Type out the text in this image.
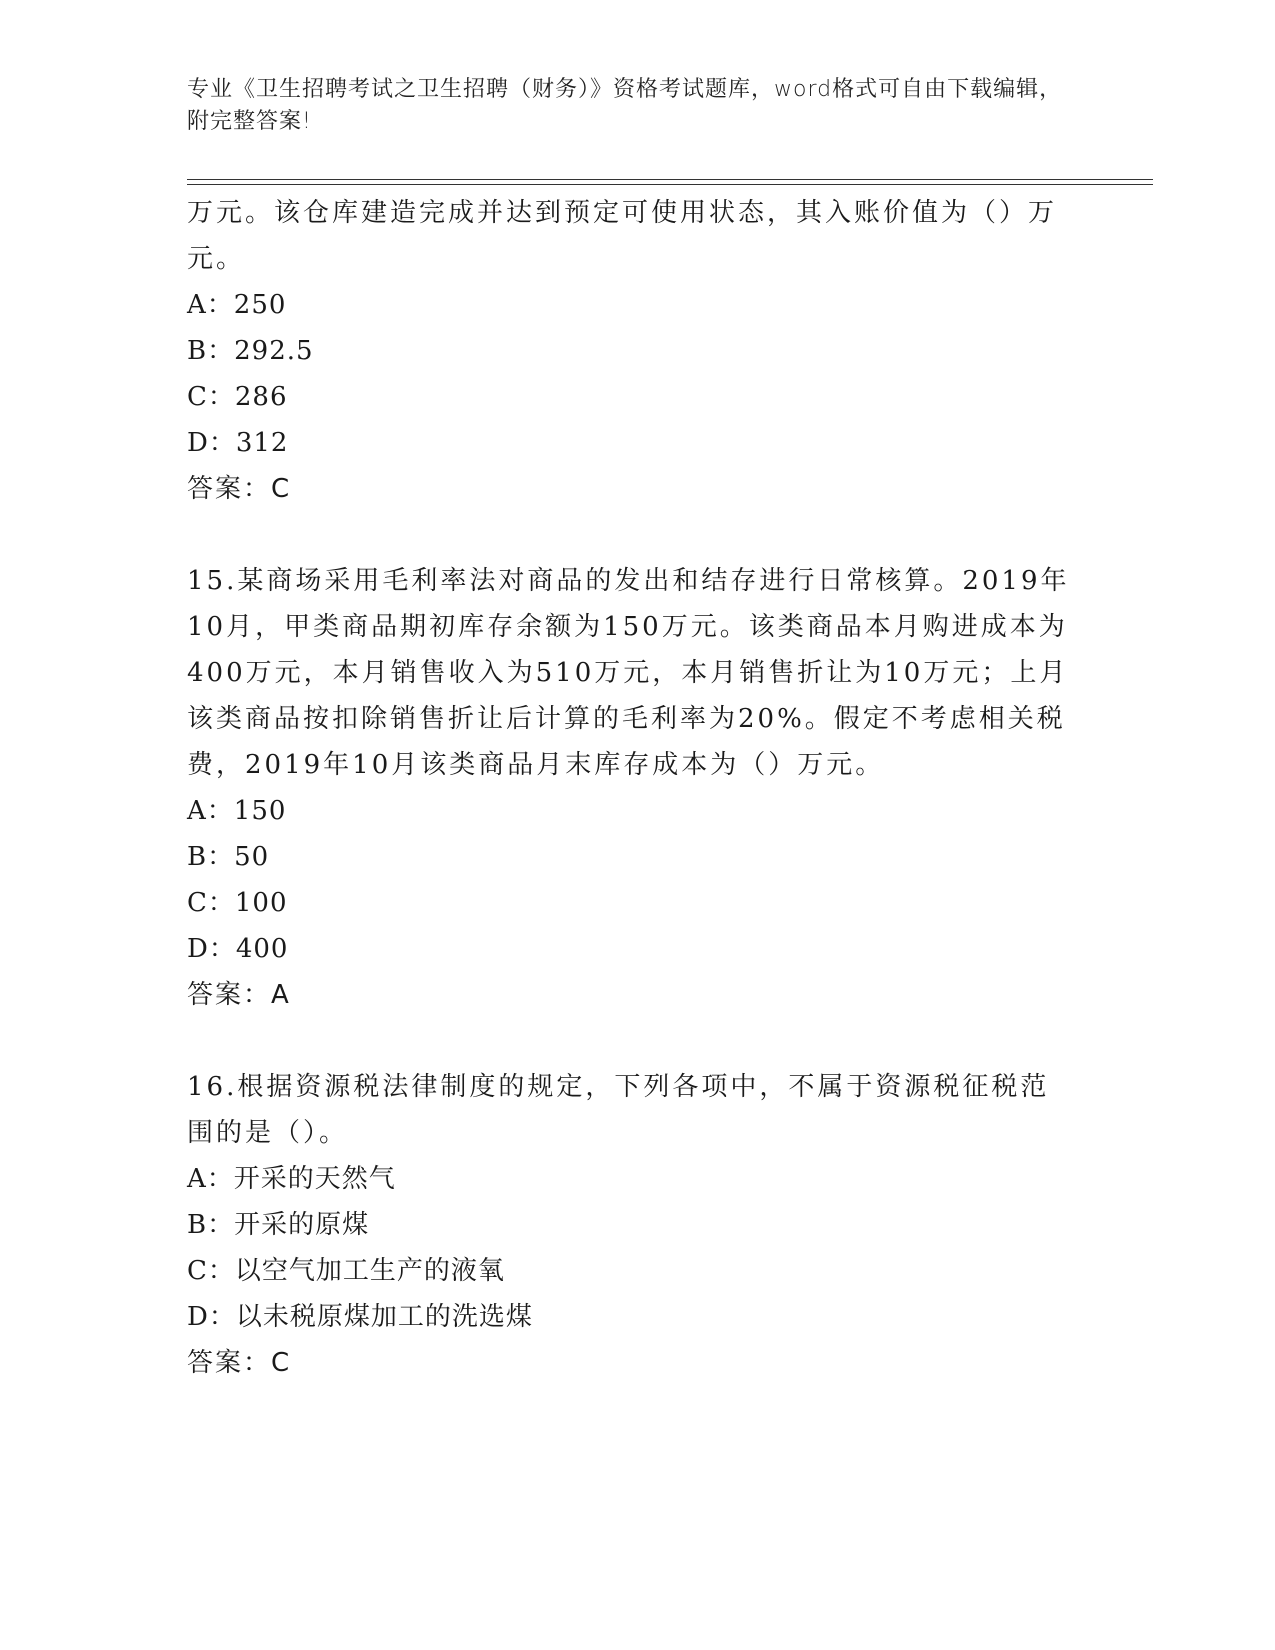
专业《卫生招聘考试之卫生招聘（财务）》资格考试题库，word格式可自由下载编辑，附完整答案!

万元。该仓库建造完成并达到预定可使用状态，其入账价值为（）万元。

A：250

B：292.5

C：286

D：312

答案：C

15.某商场采用毛利率法对商品的发出和结存进行日常核算。2019年10月，甲类商品期初库存余额为150万元。该类商品本月购进成本为400万元，本月销售收入为510万元，本月销售折让为10万元；上月该类商品按扣除销售折让后计算的毛利率为20%。假定不考虑相关税费，2019年10月该类商品月末库存成本为（）万元。

A：150

B：50

C：100

D：400

答案：A

16.根据资源税法律制度的规定，下列各项中，不属于资源税征税范围的是（）。

A：开采的天然气

B：开采的原煤

C：以空气加工生产的液氧

D：以未税原煤加工的洗选煤

答案：C
